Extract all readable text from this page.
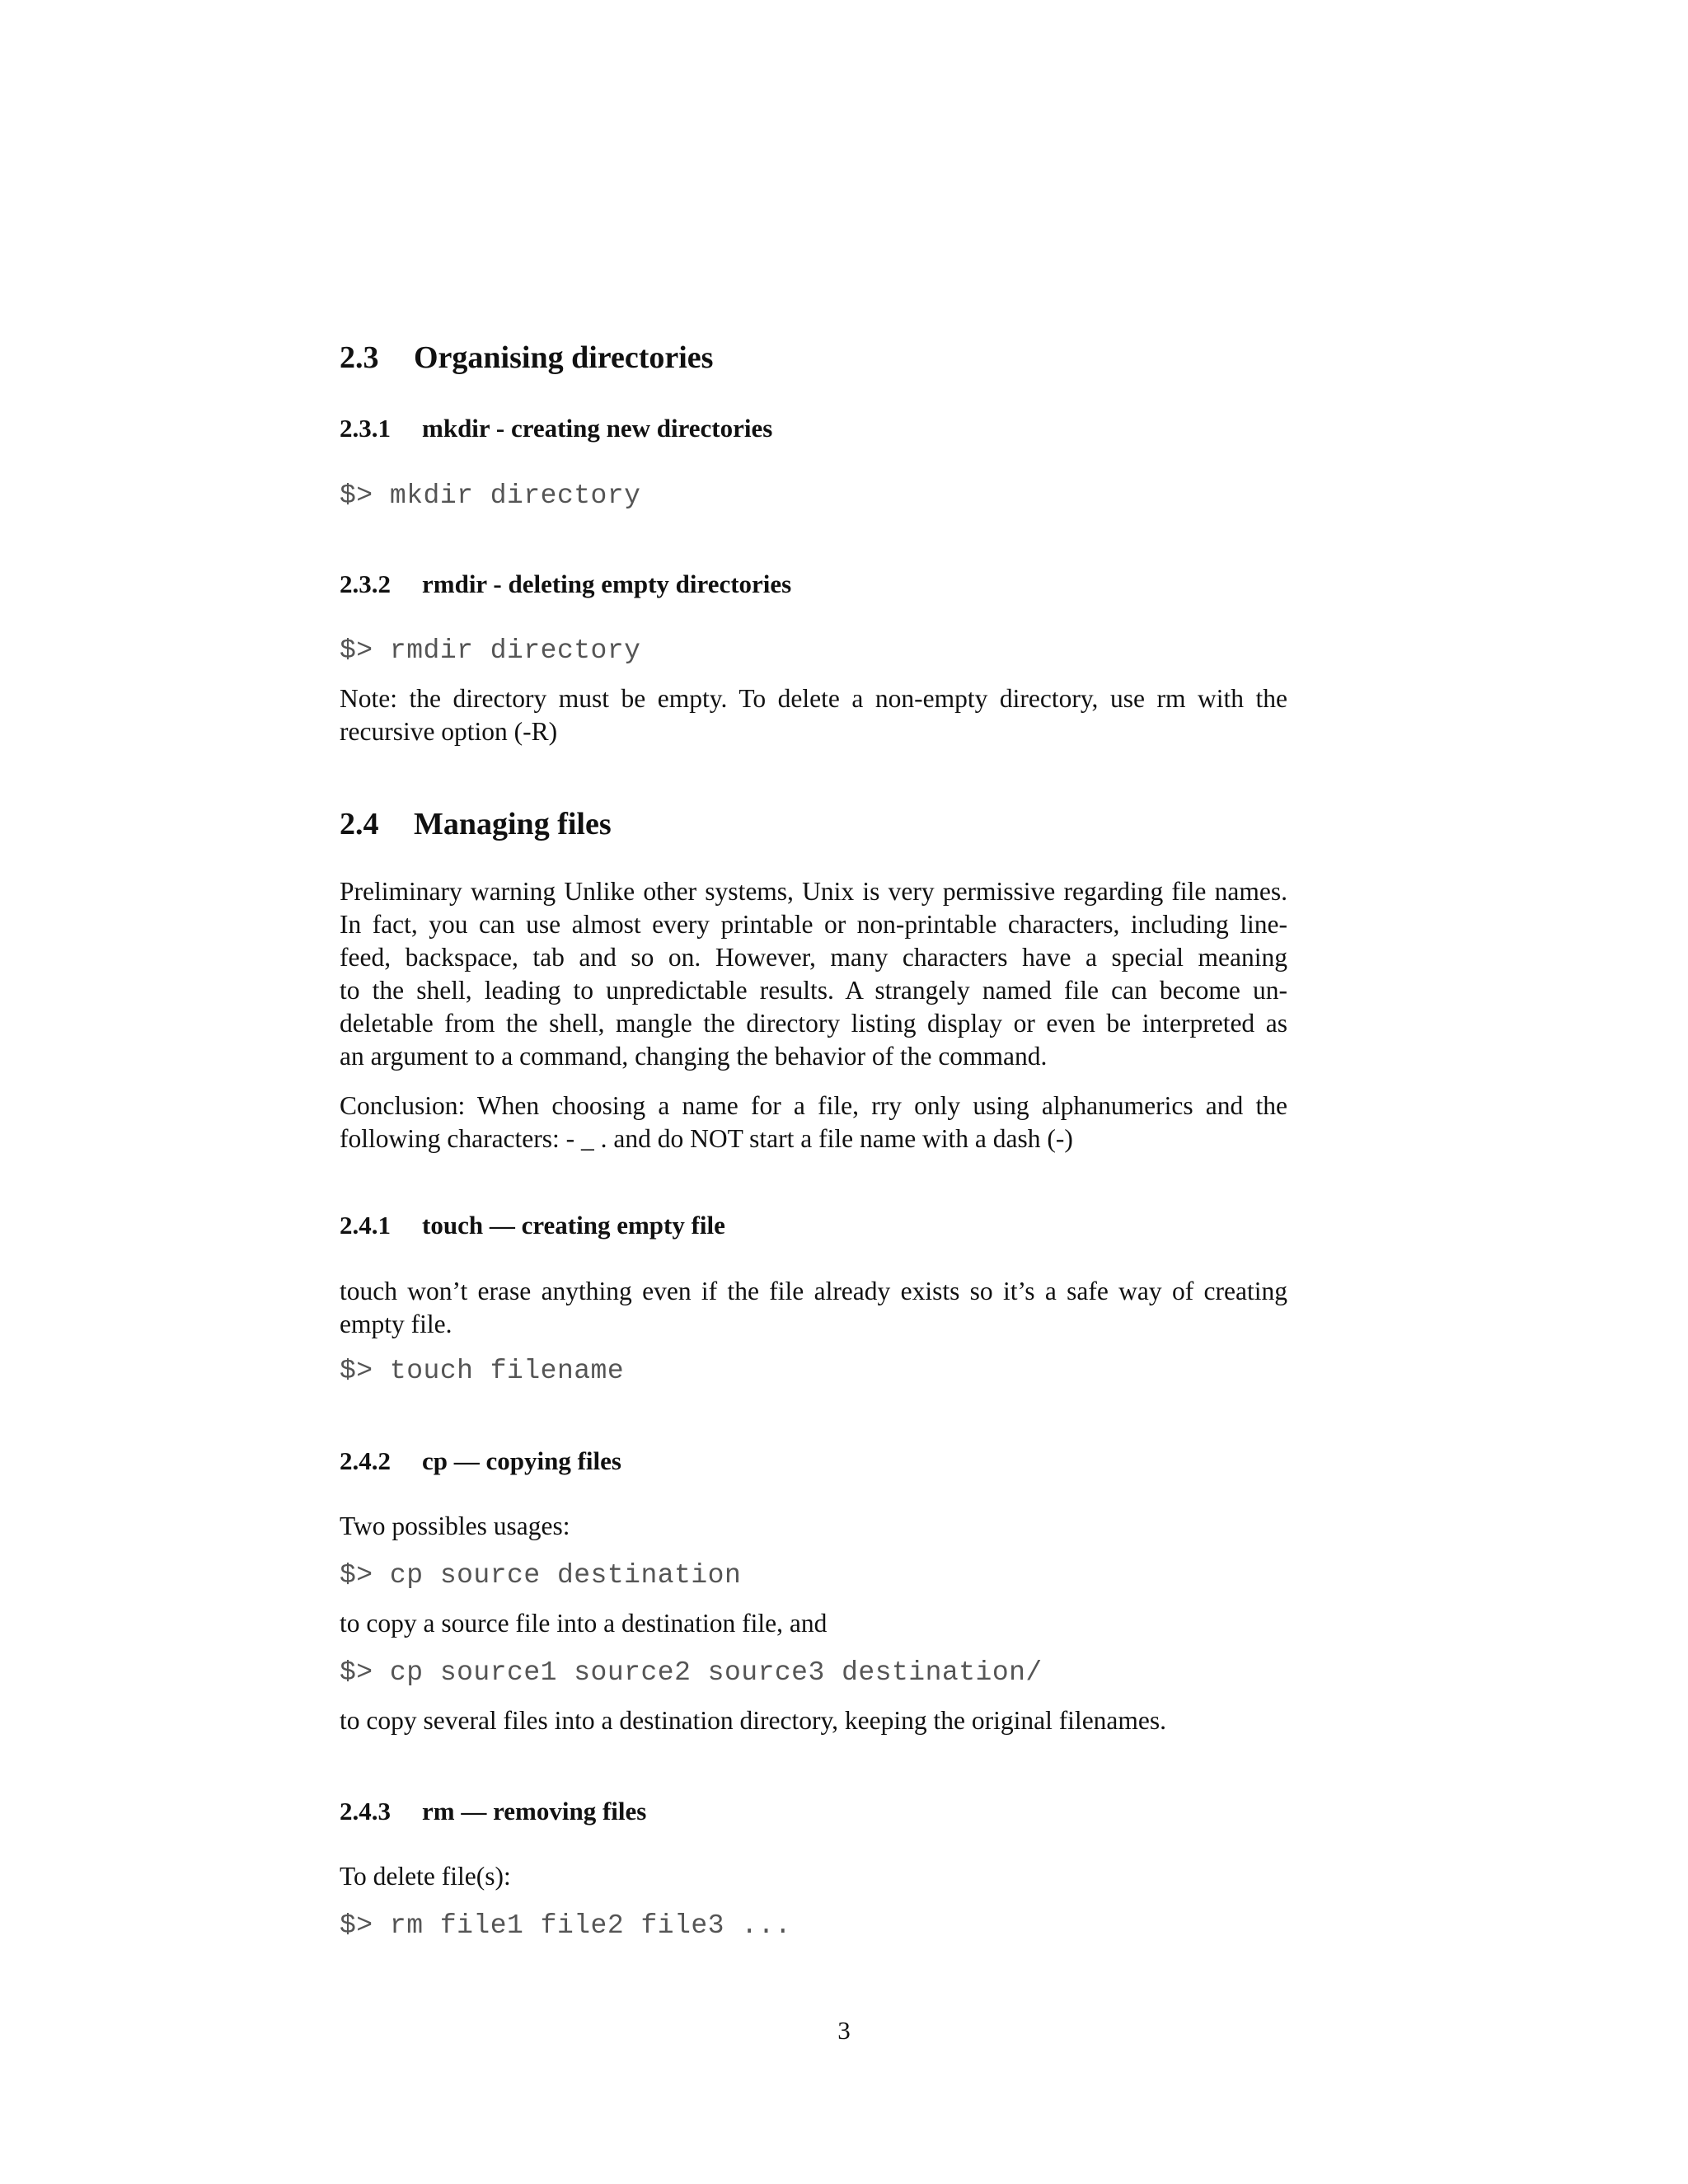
2.3 Organising directories
2.3.1 mkdir - creating new directories
$> mkdir directory
2.3.2 rmdir - deleting empty directories
$> rmdir directory
Note: the directory must be empty. To delete a non-empty directory, use rm with the
recursive option (-R)
2.4 Managing files
Preliminary warning Unlike other systems, Unix is very permissive regarding file names.
In fact, you can use almost every printable or non-printable characters, including line-
feed, backspace, tab and so on. However, many characters have a special meaning
to the shell, leading to unpredictable results. A strangely named file can become un-
deletable from the shell, mangle the directory listing display or even be interpreted as
an argument to a command, changing the behavior of the command.
Conclusion: When choosing a name for a file, rry only using alphanumerics and the
following characters: - _ . and do NOT start a file name with a dash (-)
2.4.1 touch — creating empty file
touch won’t erase anything even if the file already exists so it’s a safe way of creating
empty file.
$> touch filename
2.4.2 cp — copying files
Two possibles usages:
$> cp source destination
to copy a source file into a destination file, and
$> cp source1 source2 source3 destination/
to copy several files into a destination directory, keeping the original filenames.
2.4.3 rm — removing files
To delete file(s):
$> rm file1 file2 file3 ...
3
